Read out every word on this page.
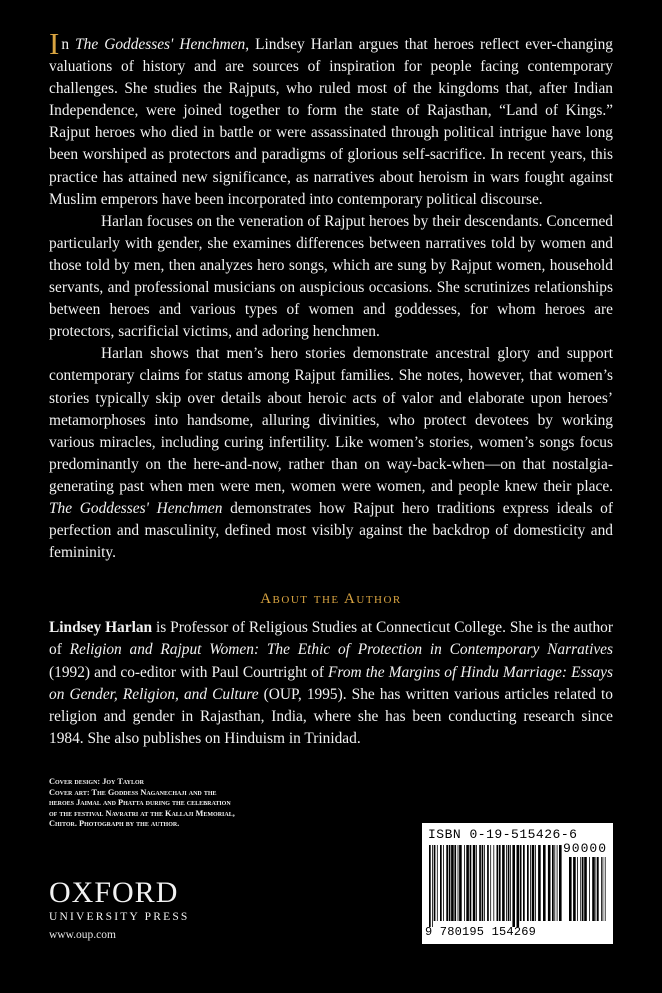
In The Goddesses' Henchmen, Lindsey Harlan argues that heroes reflect ever-changing valuations of history and are sources of inspiration for people facing contemporary challenges. She studies the Rajputs, who ruled most of the kingdoms that, after Indian Independence, were joined together to form the state of Rajasthan, “Land of Kings.” Rajput heroes who died in battle or were assassinated through political intrigue have long been worshiped as protectors and paradigms of glorious self-sacrifice. In recent years, this practice has attained new significance, as narratives about heroism in wars fought against Muslim emperors have been incorporated into contemporary political discourse.

Harlan focuses on the veneration of Rajput heroes by their descendants. Concerned particularly with gender, she examines differences between narratives told by women and those told by men, then analyzes hero songs, which are sung by Rajput women, household servants, and professional musicians on auspicious occasions. She scrutinizes relationships between heroes and various types of women and goddesses, for whom heroes are protectors, sacrificial victims, and adoring henchmen.

Harlan shows that men’s hero stories demonstrate ancestral glory and support contemporary claims for status among Rajput families. She notes, however, that women’s stories typically skip over details about heroic acts of valor and elaborate upon heroes’ metamorphoses into handsome, alluring divinities, who protect devotees by working various miracles, including curing infertility. Like women’s stories, women’s songs focus predominantly on the here-and-now, rather than on way-back-when—on that nostalgia-generating past when men were men, women were women, and people knew their place. The Goddesses' Henchmen demonstrates how Rajput hero traditions express ideals of perfection and masculinity, defined most visibly against the backdrop of domesticity and femininity.

About the Author

Lindsey Harlan is Professor of Religious Studies at Connecticut College. She is the author of Religion and Rajput Women: The Ethic of Protection in Contemporary Narratives (1992) and co-editor with Paul Courtright of From the Margins of Hindu Marriage: Essays on Gender, Religion, and Culture (OUP, 1995). She has written various articles related to religion and gender in Rajasthan, India, where she has been conducting research since 1984. She also publishes on Hinduism in Trinidad.

Cover design: Joy Taylor
Cover art: The Goddess Naganechaji and the
heroes Jaimal and Phatta during the celebration
of the festival Navratri at the Kallaji Memorial,
Chitor. Photograph by the author.
OXFORD
UNIVERSITY PRESS
www.oup.com
ISBN 0-19-515426-6
90000
9 780195 154269
